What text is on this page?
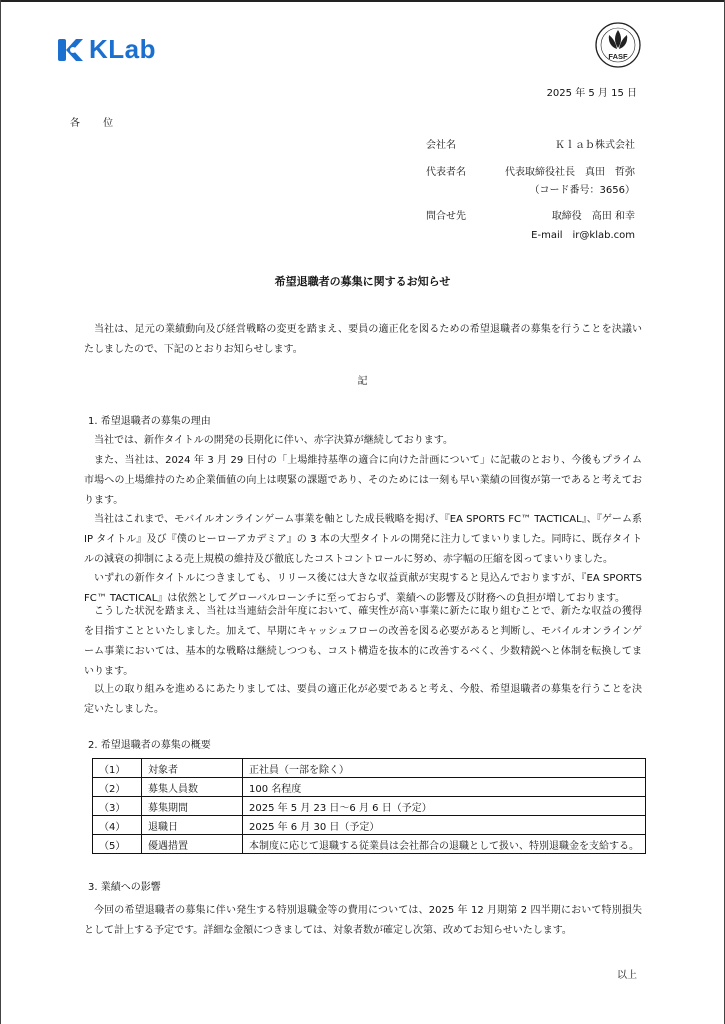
KLab	FASF
2025 年 5 月 15 日
各 位
会社名	Ｋｌａｂ株式会社
代表者名	代表取締役社長　真田　哲弥
（コード番号：3656）
問合せ先	取締役　高田 和幸
E-mail　ir@klab.com
希望退職者の募集に関するお知らせ
当社は、足元の業績動向及び経営戦略の変更を踏まえ、要員の適正化を図るための希望退職者の募集を行うことを決議いたしましたので、下記のとおりお知らせします。
記
1. 希望退職者の募集の理由
当社では、新作タイトルの開発の長期化に伴い、赤字決算が継続しております。
また、当社は、2024 年 3 月 29 日付の「上場維持基準の適合に向けた計画について」に記載のとおり、今後もプライム市場への上場維持のため企業価値の向上は喫緊の課題であり、そのためには一刻も早い業績の回復が第一であると考えております。
当社はこれまで、モバイルオンラインゲーム事業を軸とした成長戦略を掲げ、『EA SPORTS FC™ TACTICAL』、『ゲーム系 IP タイトル』及び『僕のヒーローアカデミア』の 3 本の大型タイトルの開発に注力してまいりました。同時に、既存タイトルの減衰の抑制による売上規模の維持及び徹底したコストコントロールに努め、赤字幅の圧縮を図ってまいりました。
いずれの新作タイトルにつきましても、リリース後には大きな収益貢献が実現すると見込んでおりますが、『EA SPORTS FC™ TACTICAL』は依然としてグローバルローンチに至っておらず、業績への影響及び財務への負担が増しております。
こうした状況を踏まえ、当社は当連結会計年度において、確実性が高い事業に新たに取り組むことで、新たな収益の獲得を目指すことといたしました。加えて、早期にキャッシュフローの改善を図る必要があると判断し、モバイルオンラインゲーム事業においては、基本的な戦略は継続しつつも、コスト構造を抜本的に改善するべく、少数精鋭へと体制を転換してまいります。
以上の取り組みを進めるにあたりましては、要員の適正化が必要であると考え、今般、希望退職者の募集を行うことを決定いたしました。
2. 希望退職者の募集の概要
（1）	対象者	正社員（一部を除く）
（2）	募集人員数	100 名程度
（3）	募集期間	2025 年 5 月 23 日～6 月 6 日（予定）
（4）	退職日	2025 年 6 月 30 日（予定）
（5）	優遇措置	本制度に応じて退職する従業員は会社都合の退職として扱い、特別退職金を支給する。
3. 業績への影響
今回の希望退職者の募集に伴い発生する特別退職金等の費用については、2025 年 12 月期第 2 四半期において特別損失として計上する予定です。詳細な金額につきましては、対象者数が確定し次第、改めてお知らせいたします。
以上
